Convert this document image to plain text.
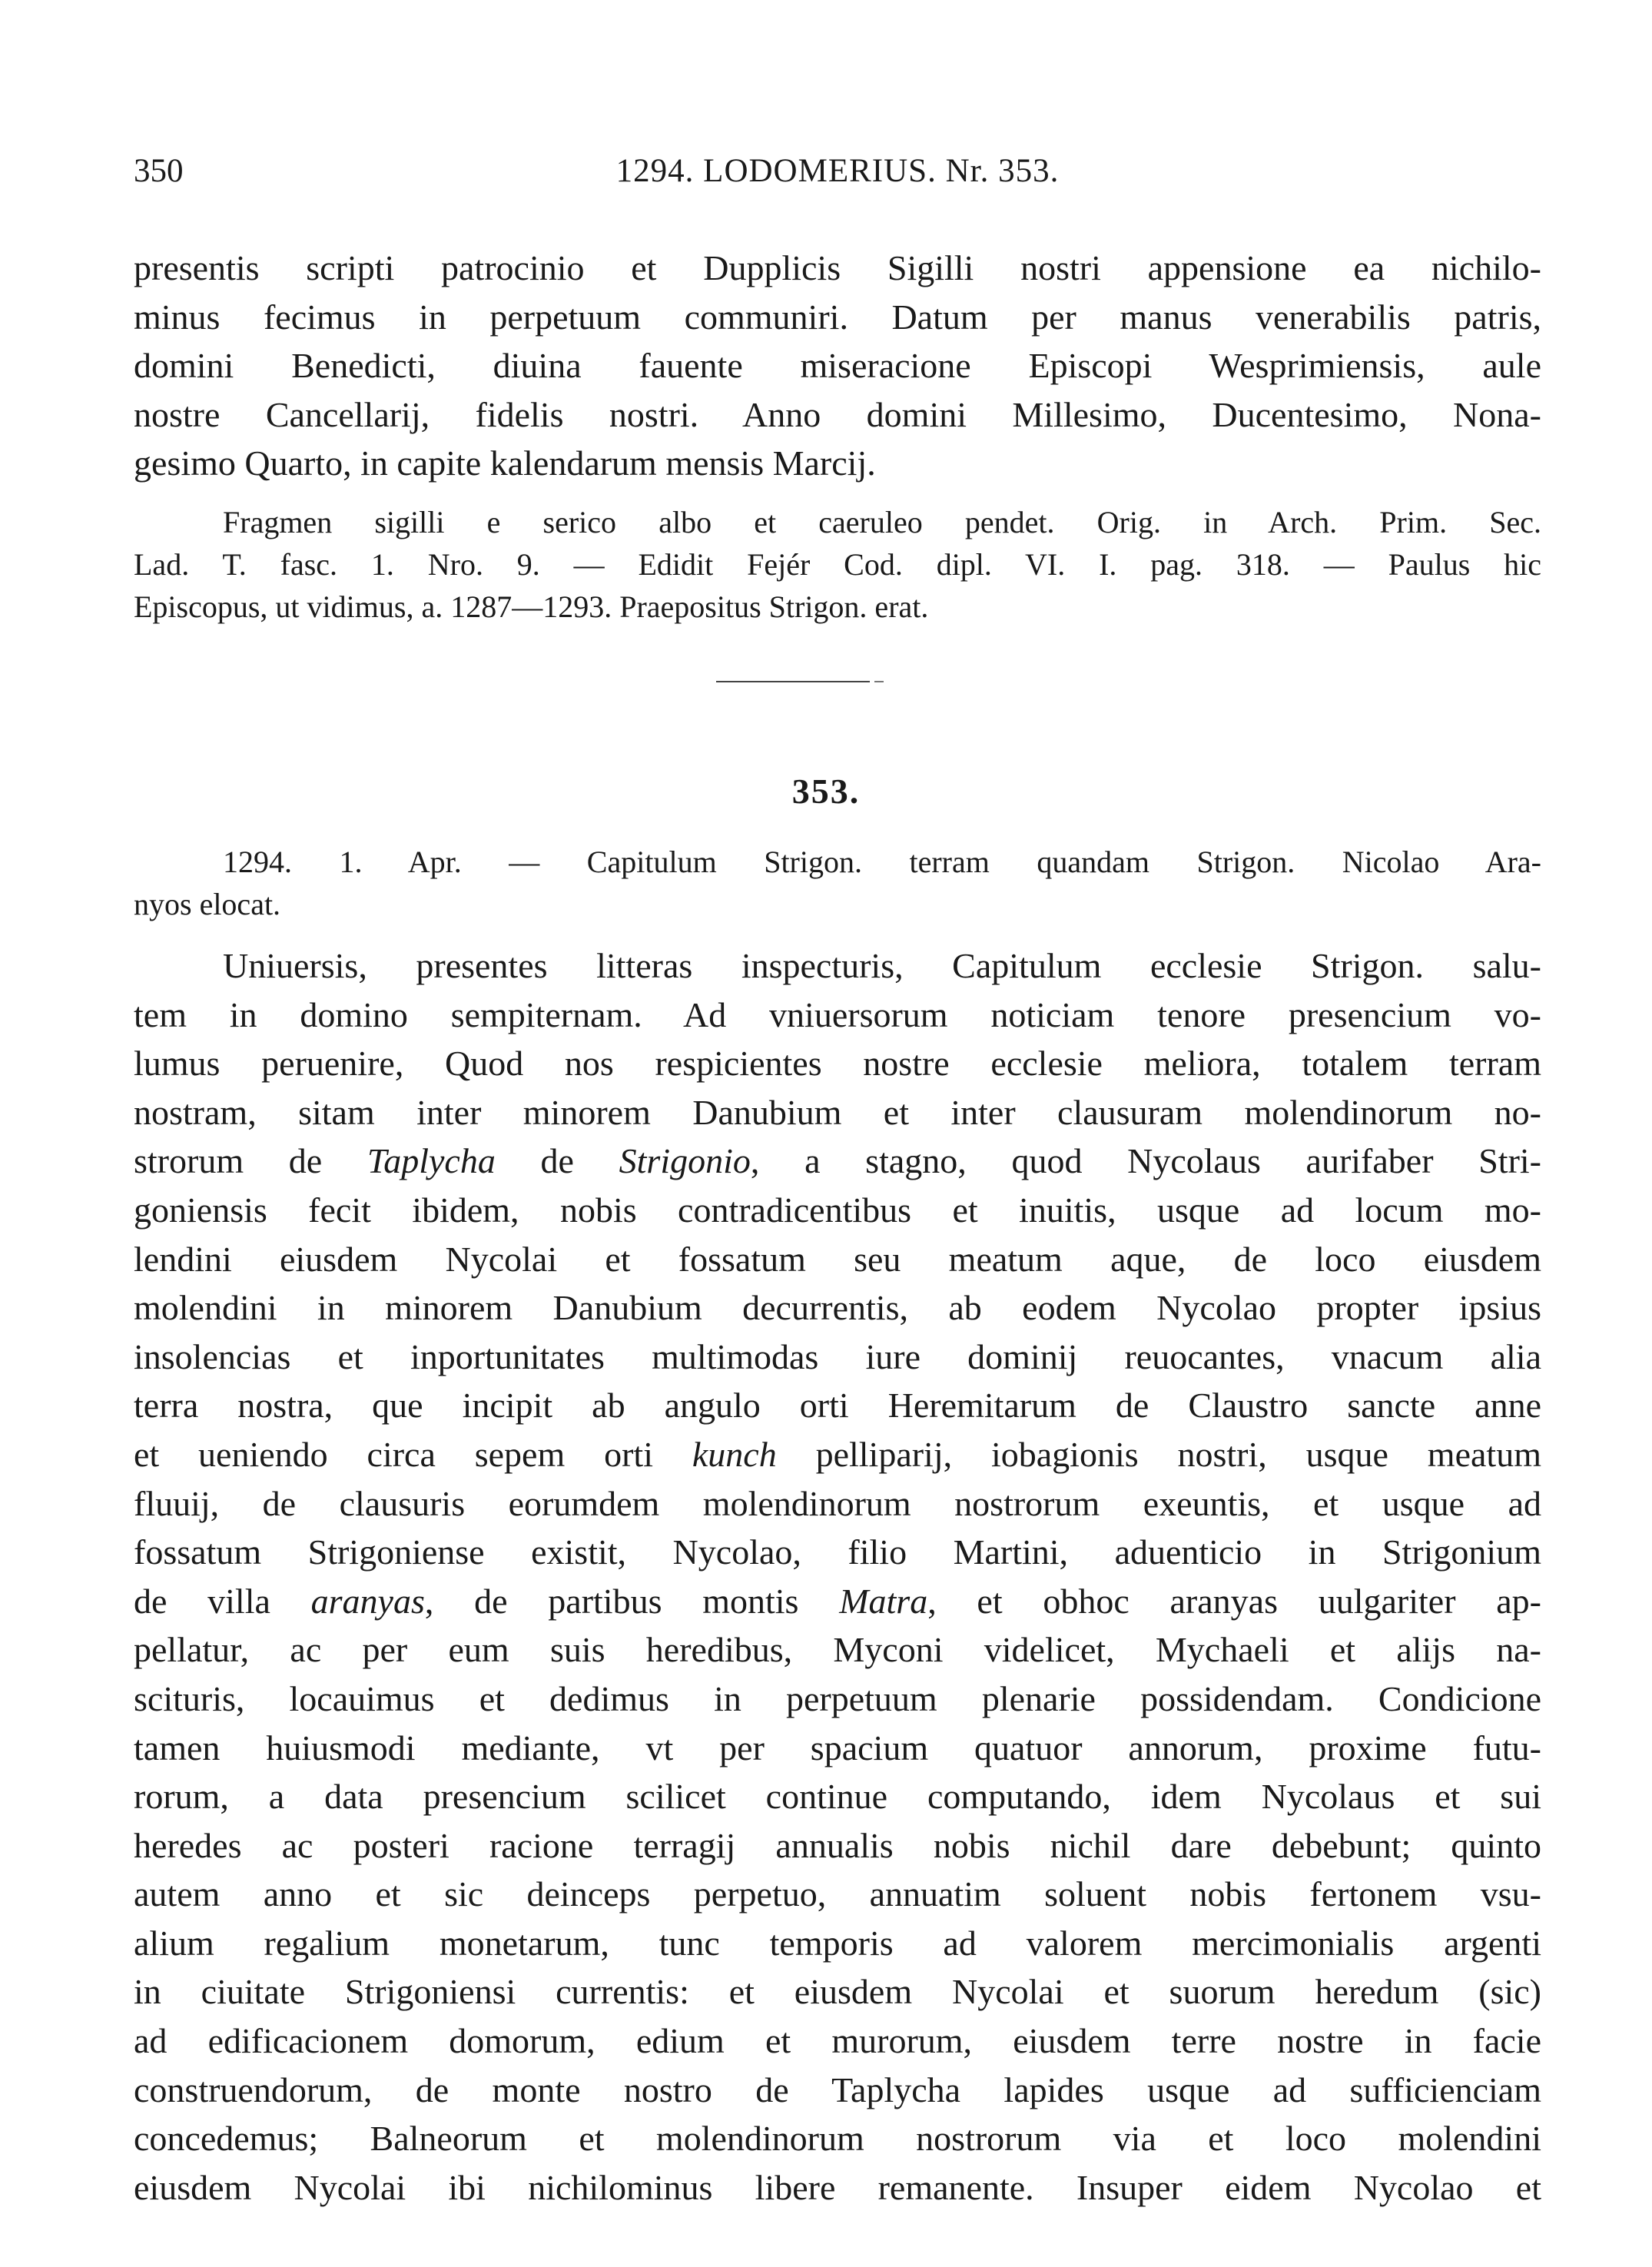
350	1294. LODOMERIUS. Nr. 353.
presentis scripti patrocinio et Dupplicis Sigilli nostri appensione ea nichilo-
minus fecimus in perpetuum communiri. Datum per manus venerabilis patris,
domini Benedicti, diuina fauente miseracione Episcopi Wesprimiensis, aule
nostre Cancellarij, fidelis nostri. Anno domini Millesimo, Ducentesimo, Nona-
gesimo Quarto, in capite kalendarum mensis Marcij.
Fragmen sigilli e serico albo et caeruleo pendet. Orig. in Arch. Prim. Sec.
Lad. T. fasc. 1. Nro. 9. — Edidit Fejér Cod. dipl. VI. I. pag. 318. — Paulus hic
Episcopus, ut vidimus, a. 1287—1293. Praepositus Strigon. erat.
353.
1294. 1. Apr. — Capitulum Strigon. terram quandam Strigon. Nicolao Ara-
nyos elocat.
Uniuersis, presentes litteras inspecturis, Capitulum ecclesie Strigon. salu-
tem in domino sempiternam. Ad vniuersorum noticiam tenore presencium vo-
lumus peruenire, Quod nos respicientes nostre ecclesie meliora, totalem terram
nostram, sitam inter minorem Danubium et inter clausuram molendinorum no-
strorum de Taplycha de Strigonio, a stagno, quod Nycolaus aurifaber Stri-
goniensis fecit ibidem, nobis contradicentibus et inuitis, usque ad locum mo-
lendini eiusdem Nycolai et fossatum seu meatum aque, de loco eiusdem
molendini in minorem Danubium decurrentis, ab eodem Nycolao propter ipsius
insolencias et inportunitates multimodas iure dominij reuocantes, vnacum alia
terra nostra, que incipit ab angulo orti Heremitarum de Claustro sancte anne
et ueniendo circa sepem orti kunch pelliparij, iobagionis nostri, usque meatum
fluuij, de clausuris eorumdem molendinorum nostrorum exeuntis, et usque ad
fossatum Strigoniense existit, Nycolao, filio Martini, aduenticio in Strigonium
de villa aranyas, de partibus montis Matra, et obhoc aranyas uulgariter ap-
pellatur, ac per eum suis heredibus, Myconi videlicet, Mychaeli et alijs na-
scituris, locauimus et dedimus in perpetuum plenarie possidendam. Condicione
tamen huiusmodi mediante, vt per spacium quatuor annorum, proxime futu-
rorum, a data presencium scilicet continue computando, idem Nycolaus et sui
heredes ac posteri racione terragij annualis nobis nichil dare debebunt; quinto
autem anno et sic deinceps perpetuo, annuatim soluent nobis fertonem vsu-
alium regalium monetarum, tunc temporis ad valorem mercimonialis argenti
in ciuitate Strigoniensi currentis: et eiusdem Nycolai et suorum heredum (sic)
ad edificacionem domorum, edium et murorum, eiusdem terre nostre in facie
construendorum, de monte nostro de Taplycha lapides usque ad sufficienciam
concedemus; Balneorum et molendinorum nostrorum via et loco molendini
eiusdem Nycolai ibi nichilominus libere remanente. Insuper eidem Nycolao et
